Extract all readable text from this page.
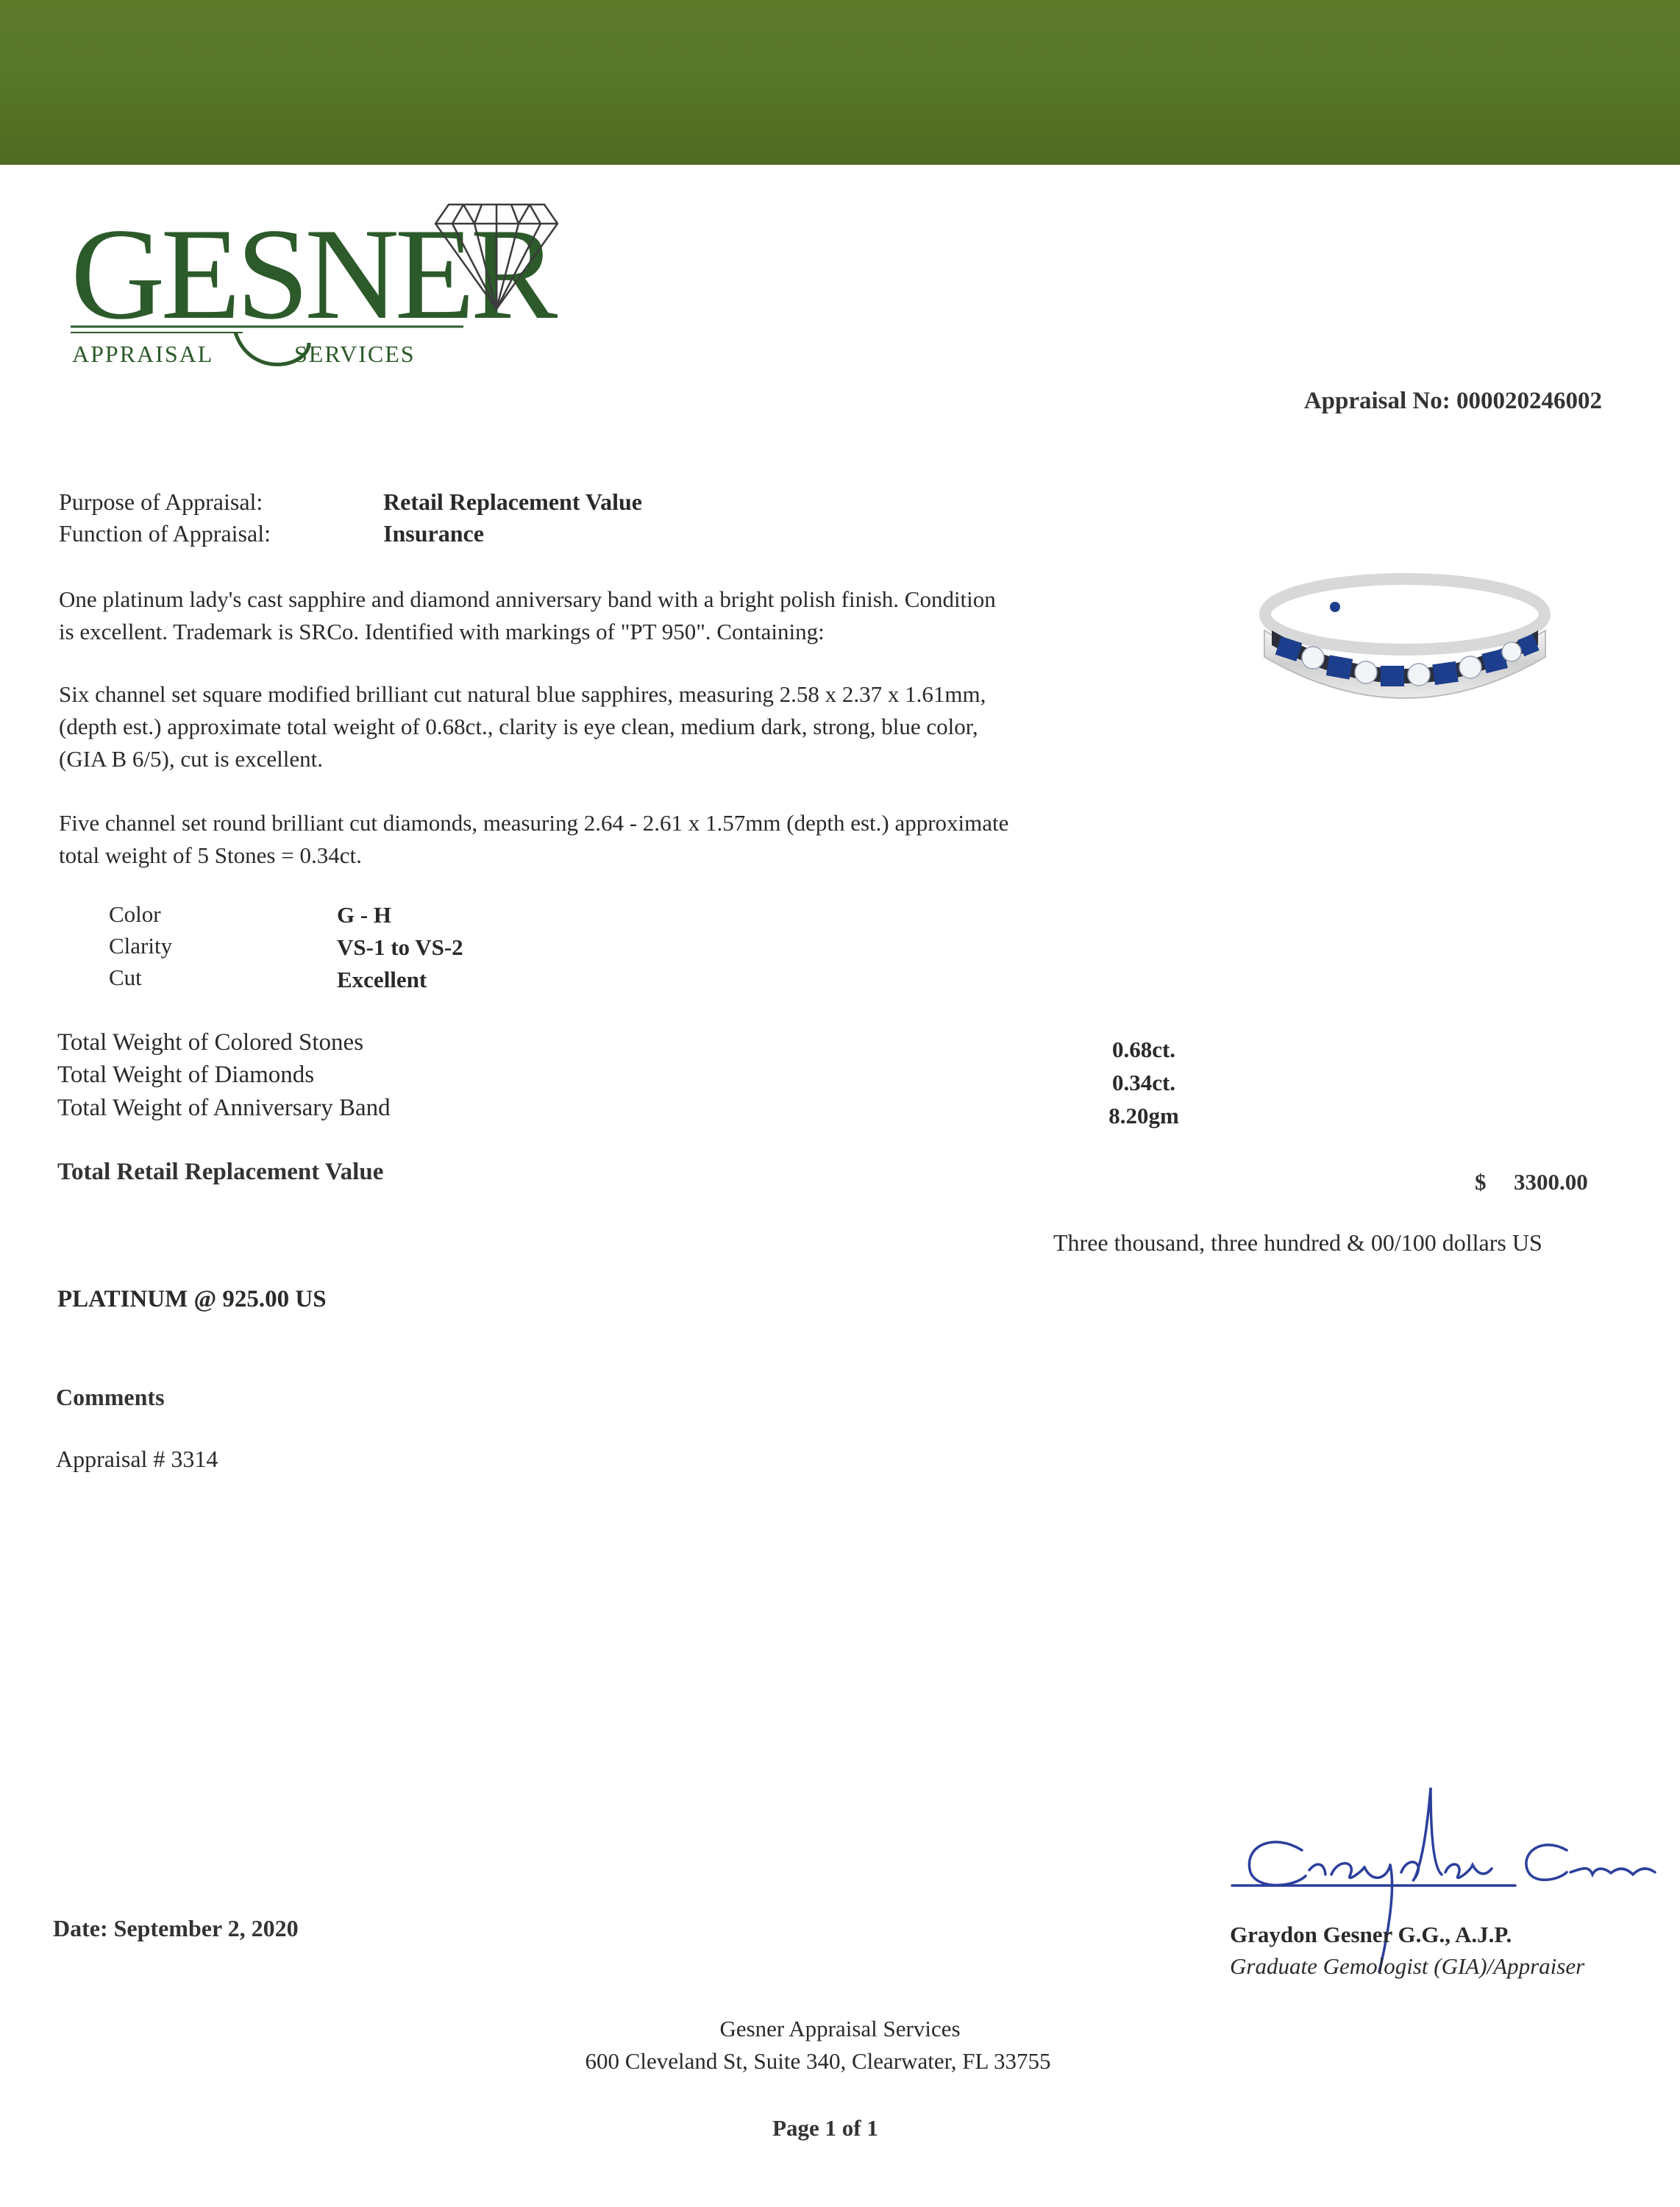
GESNER
APPRAISAL	SERVICES
Appraisal No: 000020246002
Purpose of Appraisal:	Retail Replacement Value
Function of Appraisal:	Insurance
One platinum lady's cast sapphire and diamond anniversary band with a bright polish finish. Condition
is excellent. Trademark is SRCo. Identified with markings of "PT 950". Containing:
Six channel set square modified brilliant cut natural blue sapphires, measuring 2.58 x 2.37 x 1.61mm,
(depth est.) approximate total weight of 0.68ct., clarity is eye clean, medium dark, strong, blue color,
(GIA B 6/5), cut is excellent.
Five channel set round brilliant cut diamonds, measuring 2.64 - 2.61 x 1.57mm (depth est.) approximate
total weight of 5 Stones = 0.34ct.
Color	G - H
Clarity	VS-1 to VS-2
Cut	Excellent
Total Weight of Colored Stones	0.68ct.
Total Weight of Diamonds	0.34ct.
Total Weight of Anniversary Band	8.20gm
Total Retail Replacement Value	$ 3300.00
Three thousand, three hundred & 00/100 dollars US
PLATINUM @ 925.00 US
Comments
Appraisal # 3314
Graydon Gesner G.G., A.J.P.
Graduate Gemologist (GIA)/Appraiser
Date: September 2, 2020
Gesner Appraisal Services
600 Cleveland St, Suite 340, Clearwater, FL 33755
Page 1 of 1
